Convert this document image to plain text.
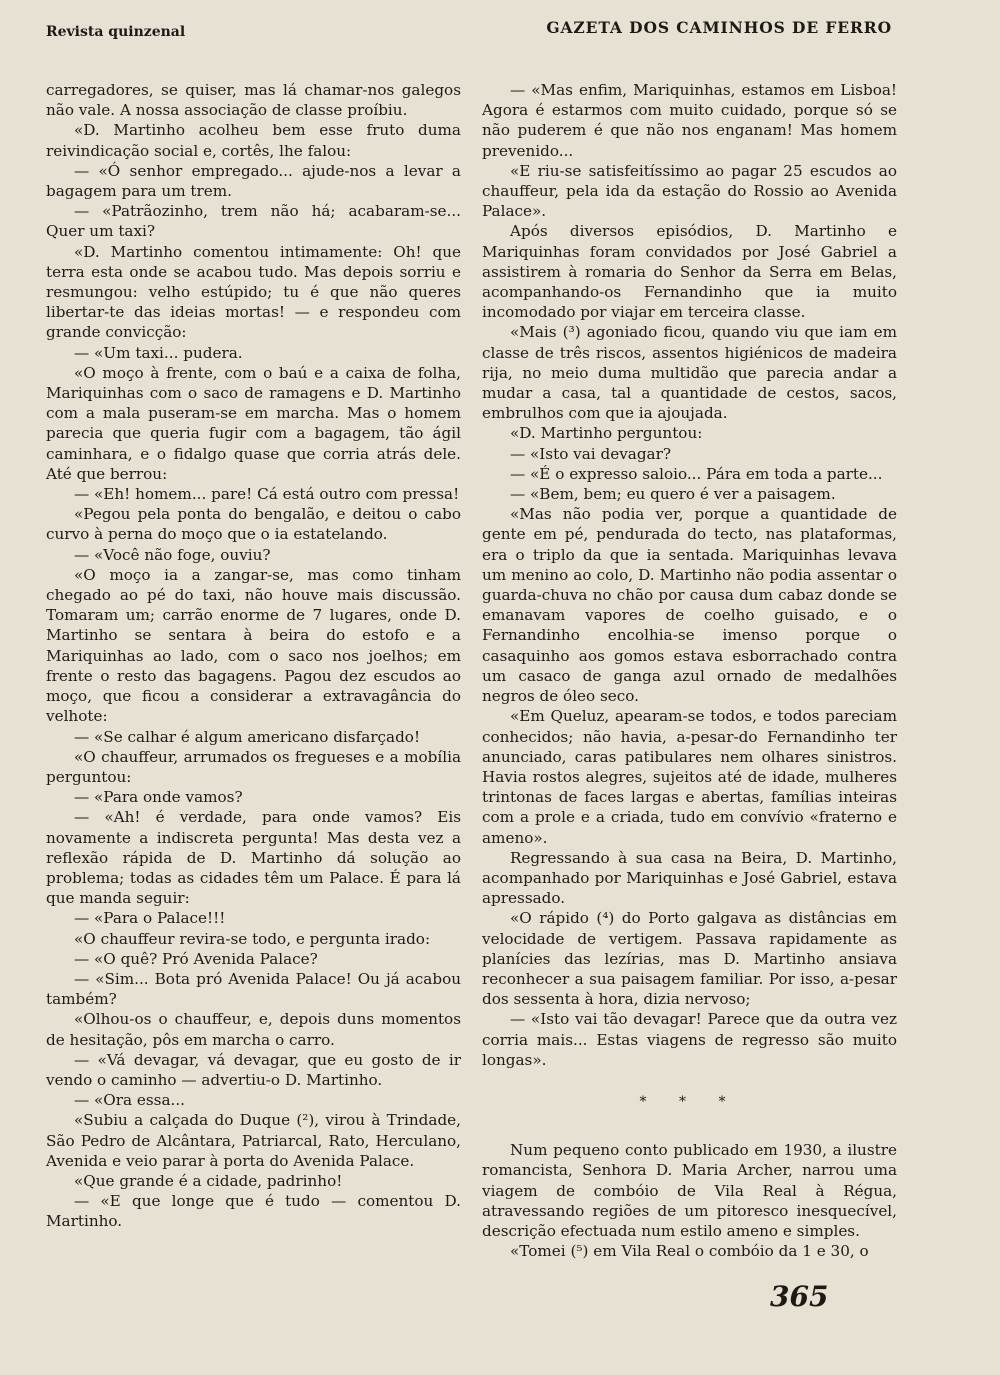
Revista quinzenal	GAZETA DOS CAMINHOS DE FERRO

carregadores, se quiser, mas lá chamar-nos galegos não vale. A nossa associação de classe proíbiu.

«D. Martinho acolheu bem esse fruto duma reivindicação social e, cortês, lhe falou:

— «Ó senhor empregado... ajude-nos a levar a bagagem para um trem.

— «Patrãozinho, trem não há; acabaram-se... Quer um taxi?

«D. Martinho comentou intimamente: Oh! que terra esta onde se acabou tudo. Mas depois sorriu e resmungou: velho estúpido; tu é que não queres libertar-te das ideias mortas! — e respondeu com grande convicção:

— «Um taxi... pudera.

«O moço à frente, com o baú e a caixa de folha, Mariquinhas com o saco de ramagens e D. Martinho com a mala puseram-se em marcha. Mas o homem parecia que queria fugir com a bagagem, tão ágil caminhara, e o fidalgo quase que corria atrás dele. Até que berrou:

— «Eh! homem... pare! Cá está outro com pressa!

«Pegou pela ponta do bengalão, e deitou o cabo curvo à perna do moço que o ia estatelando.

— «Você não foge, ouviu?

«O moço ia a zangar-se, mas como tinham chegado ao pé do taxi, não houve mais discussão. Tomaram um; carrão enorme de 7 lugares, onde D. Martinho se sentara à beira do estofo e a Mariquinhas ao lado, com o saco nos joelhos; em frente o resto das bagagens. Pagou dez escudos ao moço, que ficou a considerar a extravagância do velhote:

— «Se calhar é algum americano disfarçado!

«O chauffeur, arrumados os fregueses e a mobília perguntou:

— «Para onde vamos?

— «Ah! é verdade, para onde vamos? Eis novamente a indiscreta pergunta! Mas desta vez a reflexão rápida de D. Martinho dá solução ao problema; todas as cidades têm um Palace. É para lá que manda seguir:

— «Para o Palace!!!

«O chauffeur revira-se todo, e pergunta irado:

— «O quê? Pró Avenida Palace?

— «Sim... Bota pró Avenida Palace! Ou já acabou também?

«Olhou-os o chauffeur, e, depois duns momentos de hesitação, pôs em marcha o carro.

— «Vá devagar, vá devagar, que eu gosto de ir vendo o caminho — advertiu-o D. Martinho.

— «Ora essa...

«Subiu a calçada do Duque (²), virou à Trindade, São Pedro de Alcântara, Patriarcal, Rato, Herculano, Avenida e veio parar à porta do Avenida Palace.

«Que grande é a cidade, padrinho!

— «E que longe que é tudo — comentou D. Martinho.

— «Mas enfim, Mariquinhas, estamos em Lisboa! Agora é estarmos com muito cuidado, porque só se não puderem é que não nos enganam! Mas homem prevenido...

«E riu-se satisfeitíssimo ao pagar 25 escudos ao chauffeur, pela ida da estação do Rossio ao Avenida Palace».

Após diversos episódios, D. Martinho e Mariquinhas foram convidados por José Gabriel a assistirem à romaria do Senhor da Serra em Belas, acompanhando-os Fernandinho que ia muito incomodado por viajar em terceira classe.

«Mais (³) agoniado ficou, quando viu que iam em classe de três riscos, assentos higiénicos de madeira rija, no meio duma multidão que parecia andar a mudar a casa, tal a quantidade de cestos, sacos, embrulhos com que ia ajoujada.

«D. Martinho perguntou:

— «Isto vai devagar?

— «É o expresso saloio... Pára em toda a parte...

— «Bem, bem; eu quero é ver a paisagem.

«Mas não podia ver, porque a quantidade de gente em pé, pendurada do tecto, nas plataformas, era o triplo da que ia sentada. Mariquinhas levava um menino ao colo, D. Martinho não podia assentar o guarda-chuva no chão por causa dum cabaz donde se emanavam vapores de coelho guisado, e o Fernandinho encolhia-se imenso porque o casaquinho aos gomos estava esborrachado contra um casaco de ganga azul ornado de medalhões negros de óleo seco.

«Em Queluz, apearam-se todos, e todos pareciam conhecidos; não havia, a-pesar-do Fernandinho ter anunciado, caras patibulares nem olhares sinistros. Havia rostos alegres, sujeitos até de idade, mulheres trintonas de faces largas e abertas, famílias inteiras com a prole e a criada, tudo em convívio «fraterno e ameno».

Regressando à sua casa na Beira, D. Martinho, acompanhado por Mariquinhas e José Gabriel, estava apressado.

«O rápido (⁴) do Porto galgava as distâncias em velocidade de vertigem. Passava rapidamente as planícies das lezírias, mas D. Martinho ansiava reconhecer a sua paisagem familiar. Por isso, a-pesar dos sessenta à hora, dizia nervoso;

— «Isto vai tão devagar! Parece que da outra vez corria mais... Estas viagens de regresso são muito longas».

* * *

Num pequeno conto publicado em 1930, a ilustre romancista, Senhora D. Maria Archer, narrou uma viagem de combóio de Vila Real à Régua, atravessando regiões de um pitoresco inesquecível, descrição efectuada num estilo ameno e simples.

«Tomei (⁵) em Vila Real o combóio da 1 e 30, o

365
